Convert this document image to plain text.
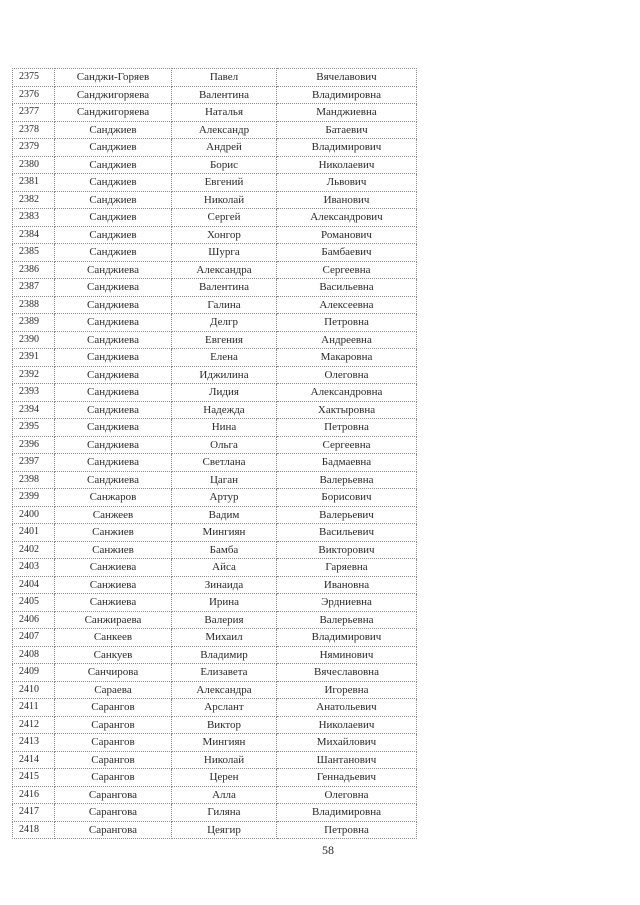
2375	Санджи-Горяев	Павел	Вячелавович
2376	Санджигоряева	Валентина	Владимировна
2377	Санджигоряева	Наталья	Манджиевна
2378	Санджиев	Александр	Батаевич
2379	Санджиев	Андрей	Владимирович
2380	Санджиев	Борис	Николаевич
2381	Санджиев	Евгений	Львович
2382	Санджиев	Николай	Иванович
2383	Санджиев	Сергей	Александрович
2384	Санджиев	Хонгор	Романович
2385	Санджиев	Шурга	Бамбаевич
2386	Санджиева	Александра	Сергеевна
2387	Санджиева	Валентина	Васильевна
2388	Санджиева	Галина	Алексеевна
2389	Санджиева	Делгр	Петровна
2390	Санджиева	Евгения	Андреевна
2391	Санджиева	Елена	Макаровна
2392	Санджиева	Иджилина	Олеговна
2393	Санджиева	Лидия	Александровна
2394	Санджиева	Надежда	Хактыровна
2395	Санджиева	Нина	Петровна
2396	Санджиева	Ольга	Сергеевна
2397	Санджиева	Светлана	Бадмаевна
2398	Санджиева	Цаган	Валерьевна
2399	Санжаров	Артур	Борисович
2400	Санжеев	Вадим	Валерьевич
2401	Санжиев	Мингиян	Васильевич
2402	Санжиев	Бамба	Викторович
2403	Санжиева	Айса	Гаряевна
2404	Санжиева	Зинаида	Ивановна
2405	Санжиева	Ирина	Эрдниевна
2406	Санжираева	Валерия	Валерьевна
2407	Санкеев	Михаил	Владимирович
2408	Санкуев	Владимир	Няминович
2409	Санчирова	Елизавета	Вячеславовна
2410	Сараева	Александра	Игоревна
2411	Сарангов	Арслант	Анатольевич
2412	Сарангов	Виктор	Николаевич
2413	Сарангов	Мингиян	Михайлович
2414	Сарангов	Николай	Шантанович
2415	Сарангов	Церен	Геннадьевич
2416	Сарангова	Алла	Олеговна
2417	Сарангова	Гиляна	Владимировна
2418	Сарангова	Цеягир	Петровна
58
